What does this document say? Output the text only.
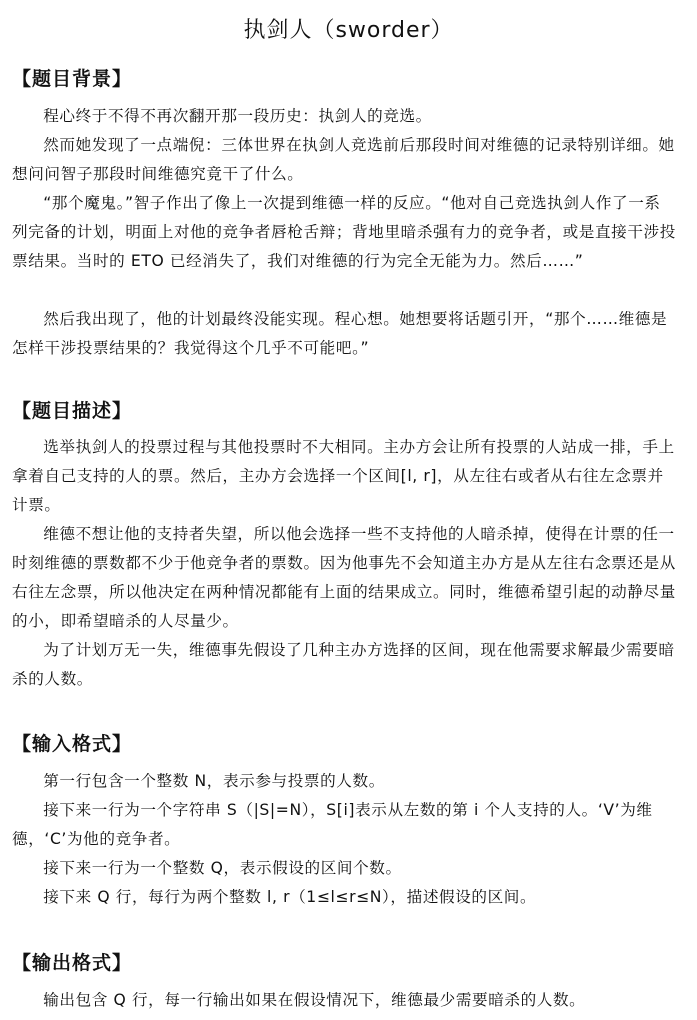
执剑人（sworder）
【题目背景】
程心终于不得不再次翻开那一段历史：执剑人的竞选。
然而她发现了一点端倪：三体世界在执剑人竞选前后那段时间对维德的记录特别详细。她想问问智子那段时间维德究竟干了什么。
“那个魔鬼。”智子作出了像上一次提到维德一样的反应。“他对自己竞选执剑人作了一系列完备的计划，明面上对他的竞争者唇枪舌辩；背地里暗杀强有力的竞争者，或是直接干涉投票结果。当时的 ETO 已经消失了，我们对维德的行为完全无能为力。然后……”
然后我出现了，他的计划最终没能实现。程心想。她想要将话题引开，“那个……维德是怎样干涉投票结果的？我觉得这个几乎不可能吧。”
【题目描述】
选举执剑人的投票过程与其他投票时不大相同。主办方会让所有投票的人站成一排，手上拿着自己支持的人的票。然后，主办方会选择一个区间[l, r]，从左往右或者从右往左念票并计票。
维德不想让他的支持者失望，所以他会选择一些不支持他的人暗杀掉，使得在计票的任一时刻维德的票数都不少于他竞争者的票数。因为他事先不会知道主办方是从左往右念票还是从右往左念票，所以他决定在两种情况都能有上面的结果成立。同时，维德希望引起的动静尽量的小，即希望暗杀的人尽量少。
为了计划万无一失，维德事先假设了几种主办方选择的区间，现在他需要求解最少需要暗杀的人数。
【输入格式】
第一行包含一个整数 N，表示参与投票的人数。
接下来一行为一个字符串 S（|S|=N），S[i]表示从左数的第 i 个人支持的人。‘V’为维德，‘C’为他的竞争者。
接下来一行为一个整数 Q，表示假设的区间个数。
接下来 Q 行，每行为两个整数 l, r（1≤l≤r≤N），描述假设的区间。
【输出格式】
输出包含 Q 行，每一行输出如果在假设情况下，维德最少需要暗杀的人数。
